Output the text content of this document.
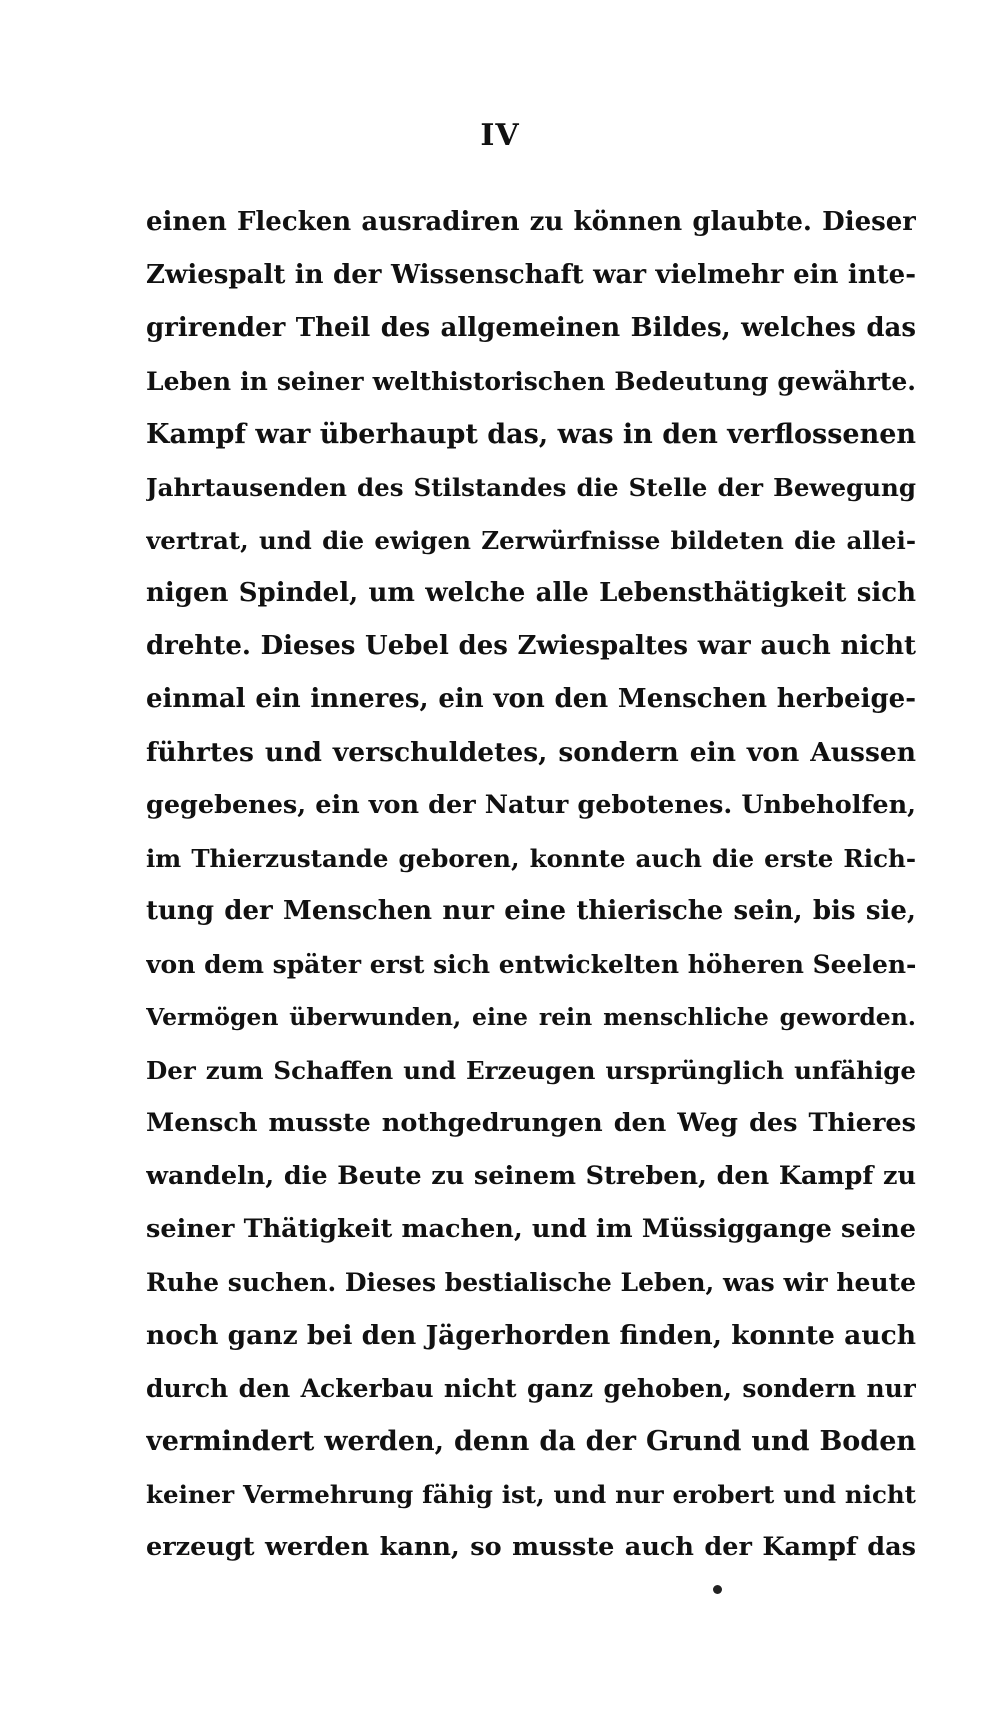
IV
einen Flecken ausradiren zu können glaubte. Dieser
Zwiespalt in der Wissenschaft war vielmehr ein inte-
grirender Theil des allgemeinen Bildes, welches das
Leben in seiner welthistorischen Bedeutung gewährte.
Kampf war überhaupt das, was in den verflossenen
Jahrtausenden des Stilstandes die Stelle der Bewegung
vertrat, und die ewigen Zerwürfnisse bildeten die allei-
nigen Spindel, um welche alle Lebensthätigkeit sich
drehte. Dieses Uebel des Zwiespaltes war auch nicht
einmal ein inneres, ein von den Menschen herbeige-
führtes und verschuldetes, sondern ein von Aussen
gegebenes, ein von der Natur gebotenes. Unbeholfen,
im Thierzustande geboren, konnte auch die erste Rich-
tung der Menschen nur eine thierische sein, bis sie,
von dem später erst sich entwickelten höheren Seelen-
Vermögen überwunden, eine rein menschliche geworden.
Der zum Schaffen und Erzeugen ursprünglich unfähige
Mensch musste nothgedrungen den Weg des Thieres
wandeln, die Beute zu seinem Streben, den Kampf zu
seiner Thätigkeit machen, und im Müssiggange seine
Ruhe suchen. Dieses bestialische Leben, was wir heute
noch ganz bei den Jägerhorden finden, konnte auch
durch den Ackerbau nicht ganz gehoben, sondern nur
vermindert werden, denn da der Grund und Boden
keiner Vermehrung fähig ist, und nur erobert und nicht
erzeugt werden kann, so musste auch der Kampf das
